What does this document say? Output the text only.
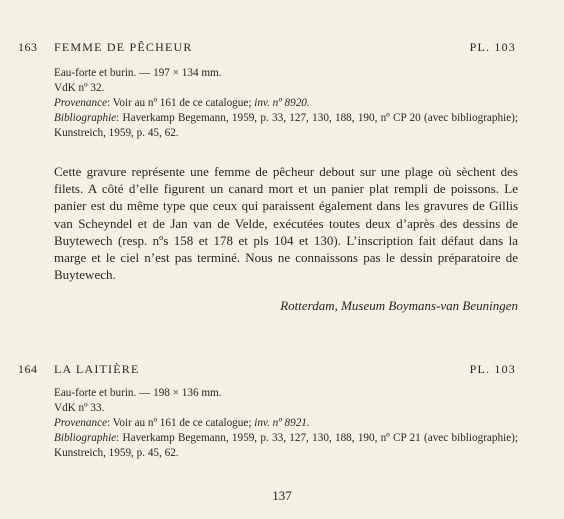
163 FEMME DE PÊCHEUR	PL. 103
Eau-forte et burin. — 197 × 134 mm.
VdK nº 32.
Provenance: Voir au nº 161 de ce catalogue; inv. nº 8920.
Bibliographie: Haverkamp Begemann, 1959, p. 33, 127, 130, 188, 190, nº CP 20 (avec bibliographie); Kunstreich, 1959, p. 45, 62.
Cette gravure représente une femme de pêcheur debout sur une plage où sèchent des filets. A côté d’elle figurent un canard mort et un panier plat rempli de poissons. Le panier est du même type que ceux qui paraissent également dans les gravures de Gillis van Scheyndel et de Jan van de Velde, exécutées toutes deux d’après des dessins de Buytewech (resp. nºs 158 et 178 et pls 104 et 130). L’inscription fait défaut dans la marge et le ciel n’est pas terminé. Nous ne connaissons pas le dessin préparatoire de Buytewech.
Rotterdam, Museum Boymans-van Beuningen
164 LA LAITIÈRE	PL. 103
Eau-forte et burin. — 198 × 136 mm.
VdK nº 33.
Provenance: Voir au nº 161 de ce catalogue; inv. nº 8921.
Bibliographie: Haverkamp Begemann, 1959, p. 33, 127, 130, 188, 190, nº CP 21 (avec bibliographie); Kunstreich, 1959, p. 45, 62.
137
